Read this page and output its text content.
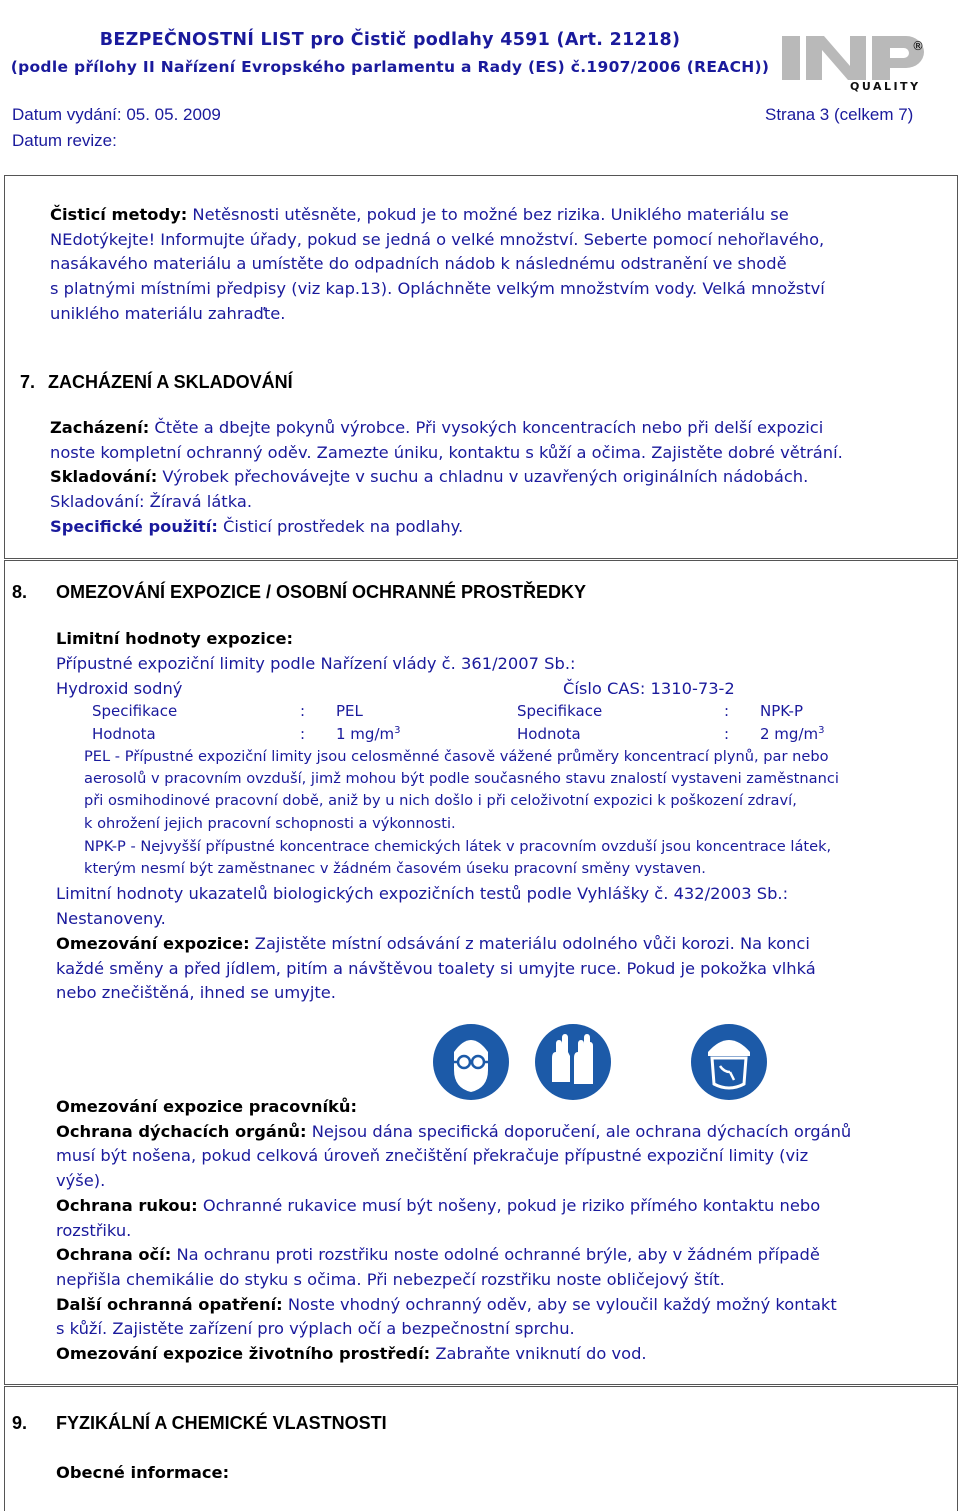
BEZPEČNOSTNÍ LIST pro Čistič podlahy 4591 (Art. 21218)
(podle přílohy II Nařízení Evropského parlamentu a Rady (ES) č.1907/2006 (REACH))
®
QUALITY
Datum vydání: 05. 05. 2009
Datum revize:
Strana 3 (celkem 7)

Čisticí metody: Netěsnosti utěsněte, pokud je to možné bez rizika. Uniklého materiálu se

NEdotýkejte! Informujte úřady, pokud se jedná o velké množství. Seberte pomocí nehořlavého,

nasákavého materiálu a umístěte do odpadních nádob k následnému odstranění ve shodě

s platnými místními předpisy (viz kap.13). Opláchněte velkým množstvím vody. Velká množství

uniklého materiálu zahraďte.

7. ZACHÁZENÍ A SKLADOVÁNÍ

Zacházení: Čtěte a dbejte pokynů výrobce. Při vysokých koncentracích nebo při delší expozici

noste kompletní ochranný oděv. Zamezte úniku, kontaktu s kůží a očima. Zajistěte dobré větrání.

Skladování: Výrobek přechovávejte v suchu a chladnu v uzavřených originálních nádobách.

Skladování: Žíravá látka.

Specifické použití: Čisticí prostředek na podlahy.

8. OMEZOVÁNÍ EXPOZICE / OSOBNÍ OCHRANNÉ PROSTŘEDKY
Limitní hodnoty expozice:
Přípustné expoziční limity podle Nařízení vlády č. 361/2007 Sb.:
Hydroxid sodný	Číslo CAS: 1310-73-2
Specifikace	: PEL	Specifikace	: NPK-P
Hodnota	: 1 $mg/m^3$	Hodnota	: 2 $mg/m^3$

PEL - Přípustné expoziční limity jsou celosměnné časově vážené průměry koncentrací plynů, par nebo

aerosolů v pracovním ovzduší, jimž mohou být podle současného stavu znalostí vystaveni zaměstnanci

při osmihodinové pracovní době, aniž by u nich došlo i při celoživotní expozici k poškození zdraví,

k ohrožení jejich pracovní schopnosti a výkonnosti.

NPK-P - Nejvyšší přípustné koncentrace chemických látek v pracovním ovzduší jsou koncentrace látek,

kterým nesmí být zaměstnanec v žádném časovém úseku pracovní směny vystaven.

Limitní hodnoty ukazatelů biologických expozičních testů podle Vyhlášky č. 432/2003 Sb.:

Nestanoveny.

Omezování expozice: Zajistěte místní odsávání z materiálu odolného vůči korozi. Na konci

každé směny a před jídlem, pitím a návštěvou toalety si umyjte ruce. Pokud je pokožka vlhká

nebo znečištěná, ihned se umyjte.

Omezování expozice pracovníků:

Ochrana dýchacích orgánů: Nejsou dána specifická doporučení, ale ochrana dýchacích orgánů

musí být nošena, pokud celková úroveň znečištění překračuje přípustné expoziční limity (viz

výše).

Ochrana rukou: Ochranné rukavice musí být nošeny, pokud je riziko přímého kontaktu nebo

rozstřiku.

Ochrana očí: Na ochranu proti rozstřiku noste odolné ochranné brýle, aby v žádném případě

nepřišla chemikálie do styku s očima. Při nebezpečí rozstřiku noste obličejový štít.

Další ochranná opatření: Noste vhodný ochranný oděv, aby se vyloučil každý možný kontakt

s kůží. Zajistěte zařízení pro výplach očí a bezpečnostní sprchu.

Omezování expozice životního prostředí: Zabraňte vniknutí do vod.

9. FYZIKÁLNÍ A CHEMICKÉ VLASTNOSTI
Obecné informace:
